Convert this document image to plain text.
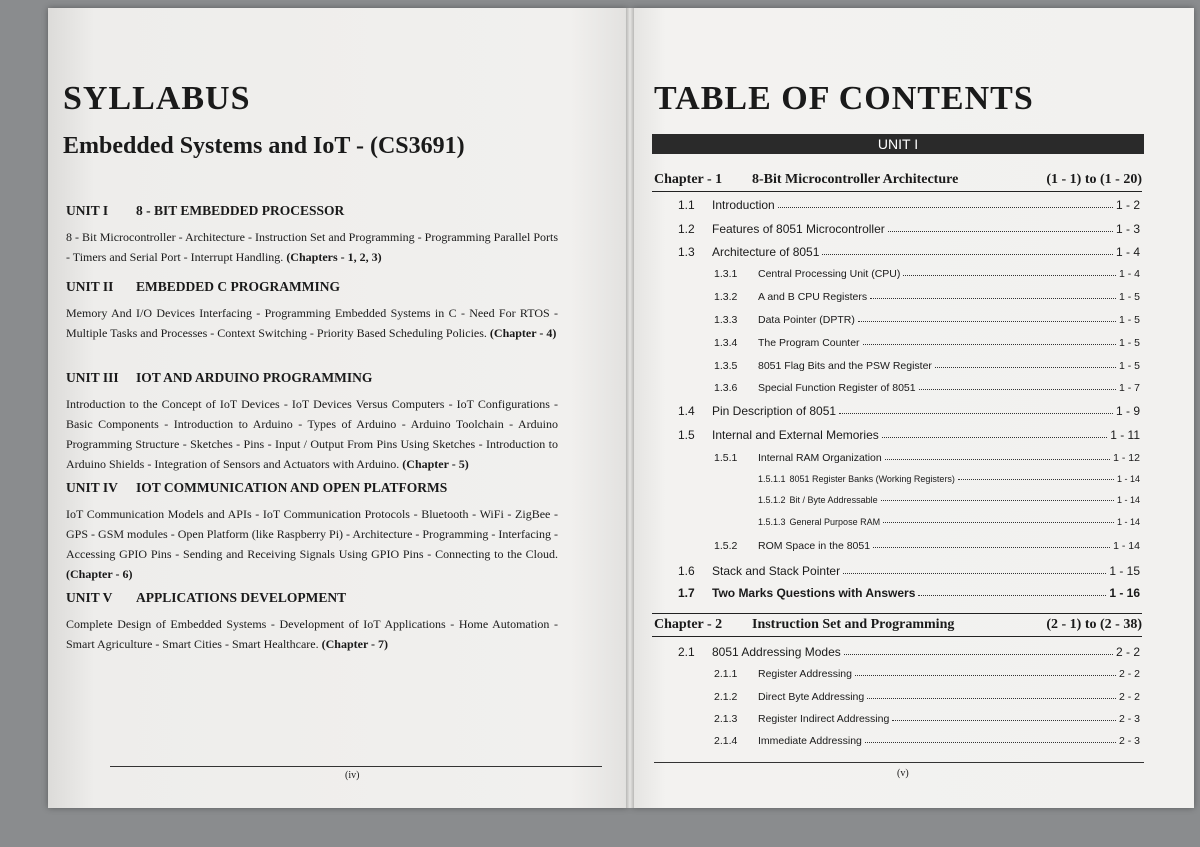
SYLLABUS
Embedded Systems and IoT - (CS3691)
UNIT I	8 - BIT EMBEDDED PROCESSOR
8 - Bit Microcontroller - Architecture - Instruction Set and Programming - Programming Parallel Ports - Timers and Serial Port - Interrupt Handling. (Chapters - 1, 2, 3)
UNIT II	EMBEDDED C PROGRAMMING
Memory And I/O Devices Interfacing - Programming Embedded Systems in C - Need For RTOS - Multiple Tasks and Processes - Context Switching - Priority Based Scheduling Policies. (Chapter - 4)
UNIT III	IOT AND ARDUINO PROGRAMMING
Introduction to the Concept of IoT Devices - IoT Devices Versus Computers - IoT Configurations - Basic Components - Introduction to Arduino - Types of Arduino - Arduino Toolchain - Arduino Programming Structure - Sketches - Pins - Input / Output From Pins Using Sketches - Introduction to Arduino Shields - Integration of Sensors and Actuators with Arduino. (Chapter - 5)
UNIT IV	IOT COMMUNICATION AND OPEN PLATFORMS
IoT Communication Models and APIs - IoT Communication Protocols - Bluetooth - WiFi - ZigBee - GPS - GSM modules - Open Platform (like Raspberry Pi) - Architecture - Programming - Interfacing - Accessing GPIO Pins - Sending and Receiving Signals Using GPIO Pins - Connecting to the Cloud. (Chapter - 6)
UNIT V	APPLICATIONS DEVELOPMENT
Complete Design of Embedded Systems - Development of IoT Applications - Home Automation - Smart Agriculture - Smart Cities - Smart Healthcare. (Chapter - 7)
(iv)
TABLE OF CONTENTS
UNIT I
Chapter - 1	8-Bit Microcontroller Architecture	(1 - 1) to (1 - 20)
1.1	Introduction	1 - 2
1.2	Features of 8051 Microcontroller	1 - 3
1.3	Architecture of 8051	1 - 4
1.3.1	Central Processing Unit (CPU)	1 - 4
1.3.2	A and B CPU Registers	1 - 5
1.3.3	Data Pointer (DPTR)	1 - 5
1.3.4	The Program Counter	1 - 5
1.3.5	8051 Flag Bits and the PSW Register	1 - 5
1.3.6	Special Function Register of 8051	1 - 7
1.4	Pin Description of 8051	1 - 9
1.5	Internal and External Memories	1 - 11
1.5.1	Internal RAM Organization	1 - 12
1.5.1.1 8051 Register Banks (Working Registers)	1 - 14
1.5.1.2 Bit / Byte Addressable	1 - 14
1.5.1.3 General Purpose RAM	1 - 14
1.5.2	ROM Space in the 8051	1 - 14
1.6	Stack and Stack Pointer	1 - 15
1.7	Two Marks Questions with Answers	1 - 16
Chapter - 2	Instruction Set and Programming	(2 - 1) to (2 - 38)
2.1	8051 Addressing Modes	2 - 2
2.1.1	Register Addressing	2 - 2
2.1.2	Direct Byte Addressing	2 - 2
2.1.3	Register Indirect Addressing	2 - 3
2.1.4	Immediate Addressing	2 - 3
(v)
